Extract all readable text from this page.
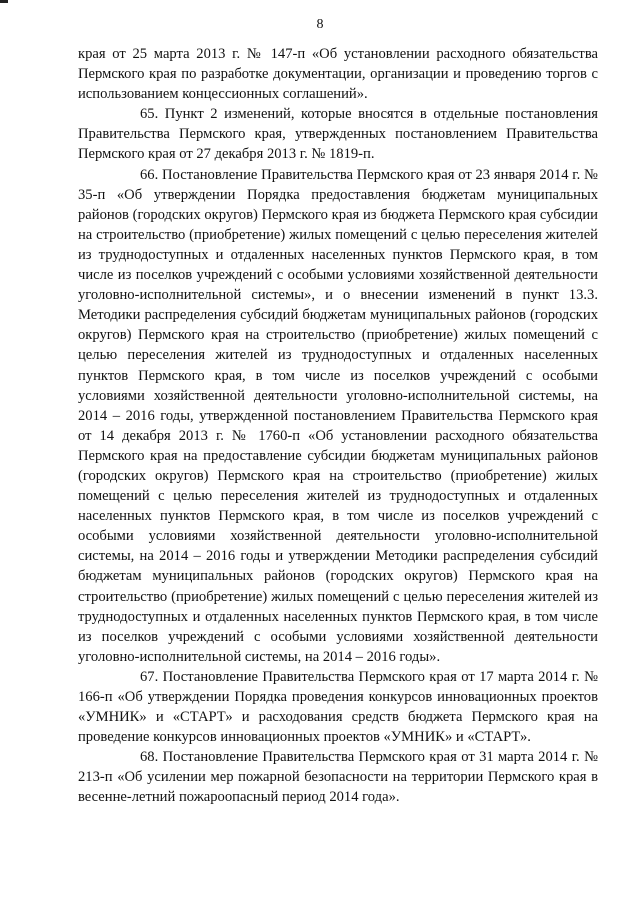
8

края от 25 марта 2013 г. № 147-п «Об установлении расходного обязательства Пермского края по разработке документации, организации и проведению торгов с использованием концессионных соглашений».

65. Пункт 2 изменений, которые вносятся в отдельные постановления Правительства Пермского края, утвержденных постановлением Правительства Пермского края от 27 декабря 2013 г. № 1819-п.

66. Постановление Правительства Пермского края от 23 января 2014 г. № 35-п «Об утверждении Порядка предоставления бюджетам муниципальных районов (городских округов) Пермского края из бюджета Пермского края субсидии на строительство (приобретение) жилых помещений с целью переселения жителей из труднодоступных и отдаленных населенных пунктов Пермского края, в том числе из поселков учреждений с особыми условиями хозяйственной деятельности уголовно-исполнительной системы», и о внесении изменений в пункт 13.3. Методики распределения субсидий бюджетам муниципальных районов (городских округов) Пермского края на строительство (приобретение) жилых помещений с целью переселения жителей из труднодоступных и отдаленных населенных пунктов Пермского края, в том числе из поселков учреждений с особыми условиями хозяйственной деятельности уголовно-исполнительной системы, на 2014 – 2016 годы, утвержденной постановлением Правительства Пермского края от 14 декабря 2013 г. № 1760-п «Об установлении расходного обязательства Пермского края на предоставление субсидии бюджетам муниципальных районов (городских округов) Пермского края на строительство (приобретение) жилых помещений с целью переселения жителей из труднодоступных и отдаленных населенных пунктов Пермского края, в том числе из поселков учреждений с особыми условиями хозяйственной деятельности уголовно-исполнительной системы, на 2014 – 2016 годы и утверждении Методики распределения субсидий бюджетам муниципальных районов (городских округов) Пермского края на строительство (приобретение) жилых помещений с целью переселения жителей из труднодоступных и отдаленных населенных пунктов Пермского края, в том числе из поселков учреждений с особыми условиями хозяйственной деятельности уголовно-исполнительной системы, на 2014 – 2016 годы».

67. Постановление Правительства Пермского края от 17 марта 2014 г. № 166-п «Об утверждении Порядка проведения конкурсов инновационных проектов «УМНИК» и «СТАРТ» и расходования средств бюджета Пермского края на проведение конкурсов инновационных проектов «УМНИК» и «СТАРТ».

68. Постановление Правительства Пермского края от 31 марта 2014 г. № 213-п «Об усилении мер пожарной безопасности на территории Пермского края в весенне-летний пожароопасный период 2014 года».
